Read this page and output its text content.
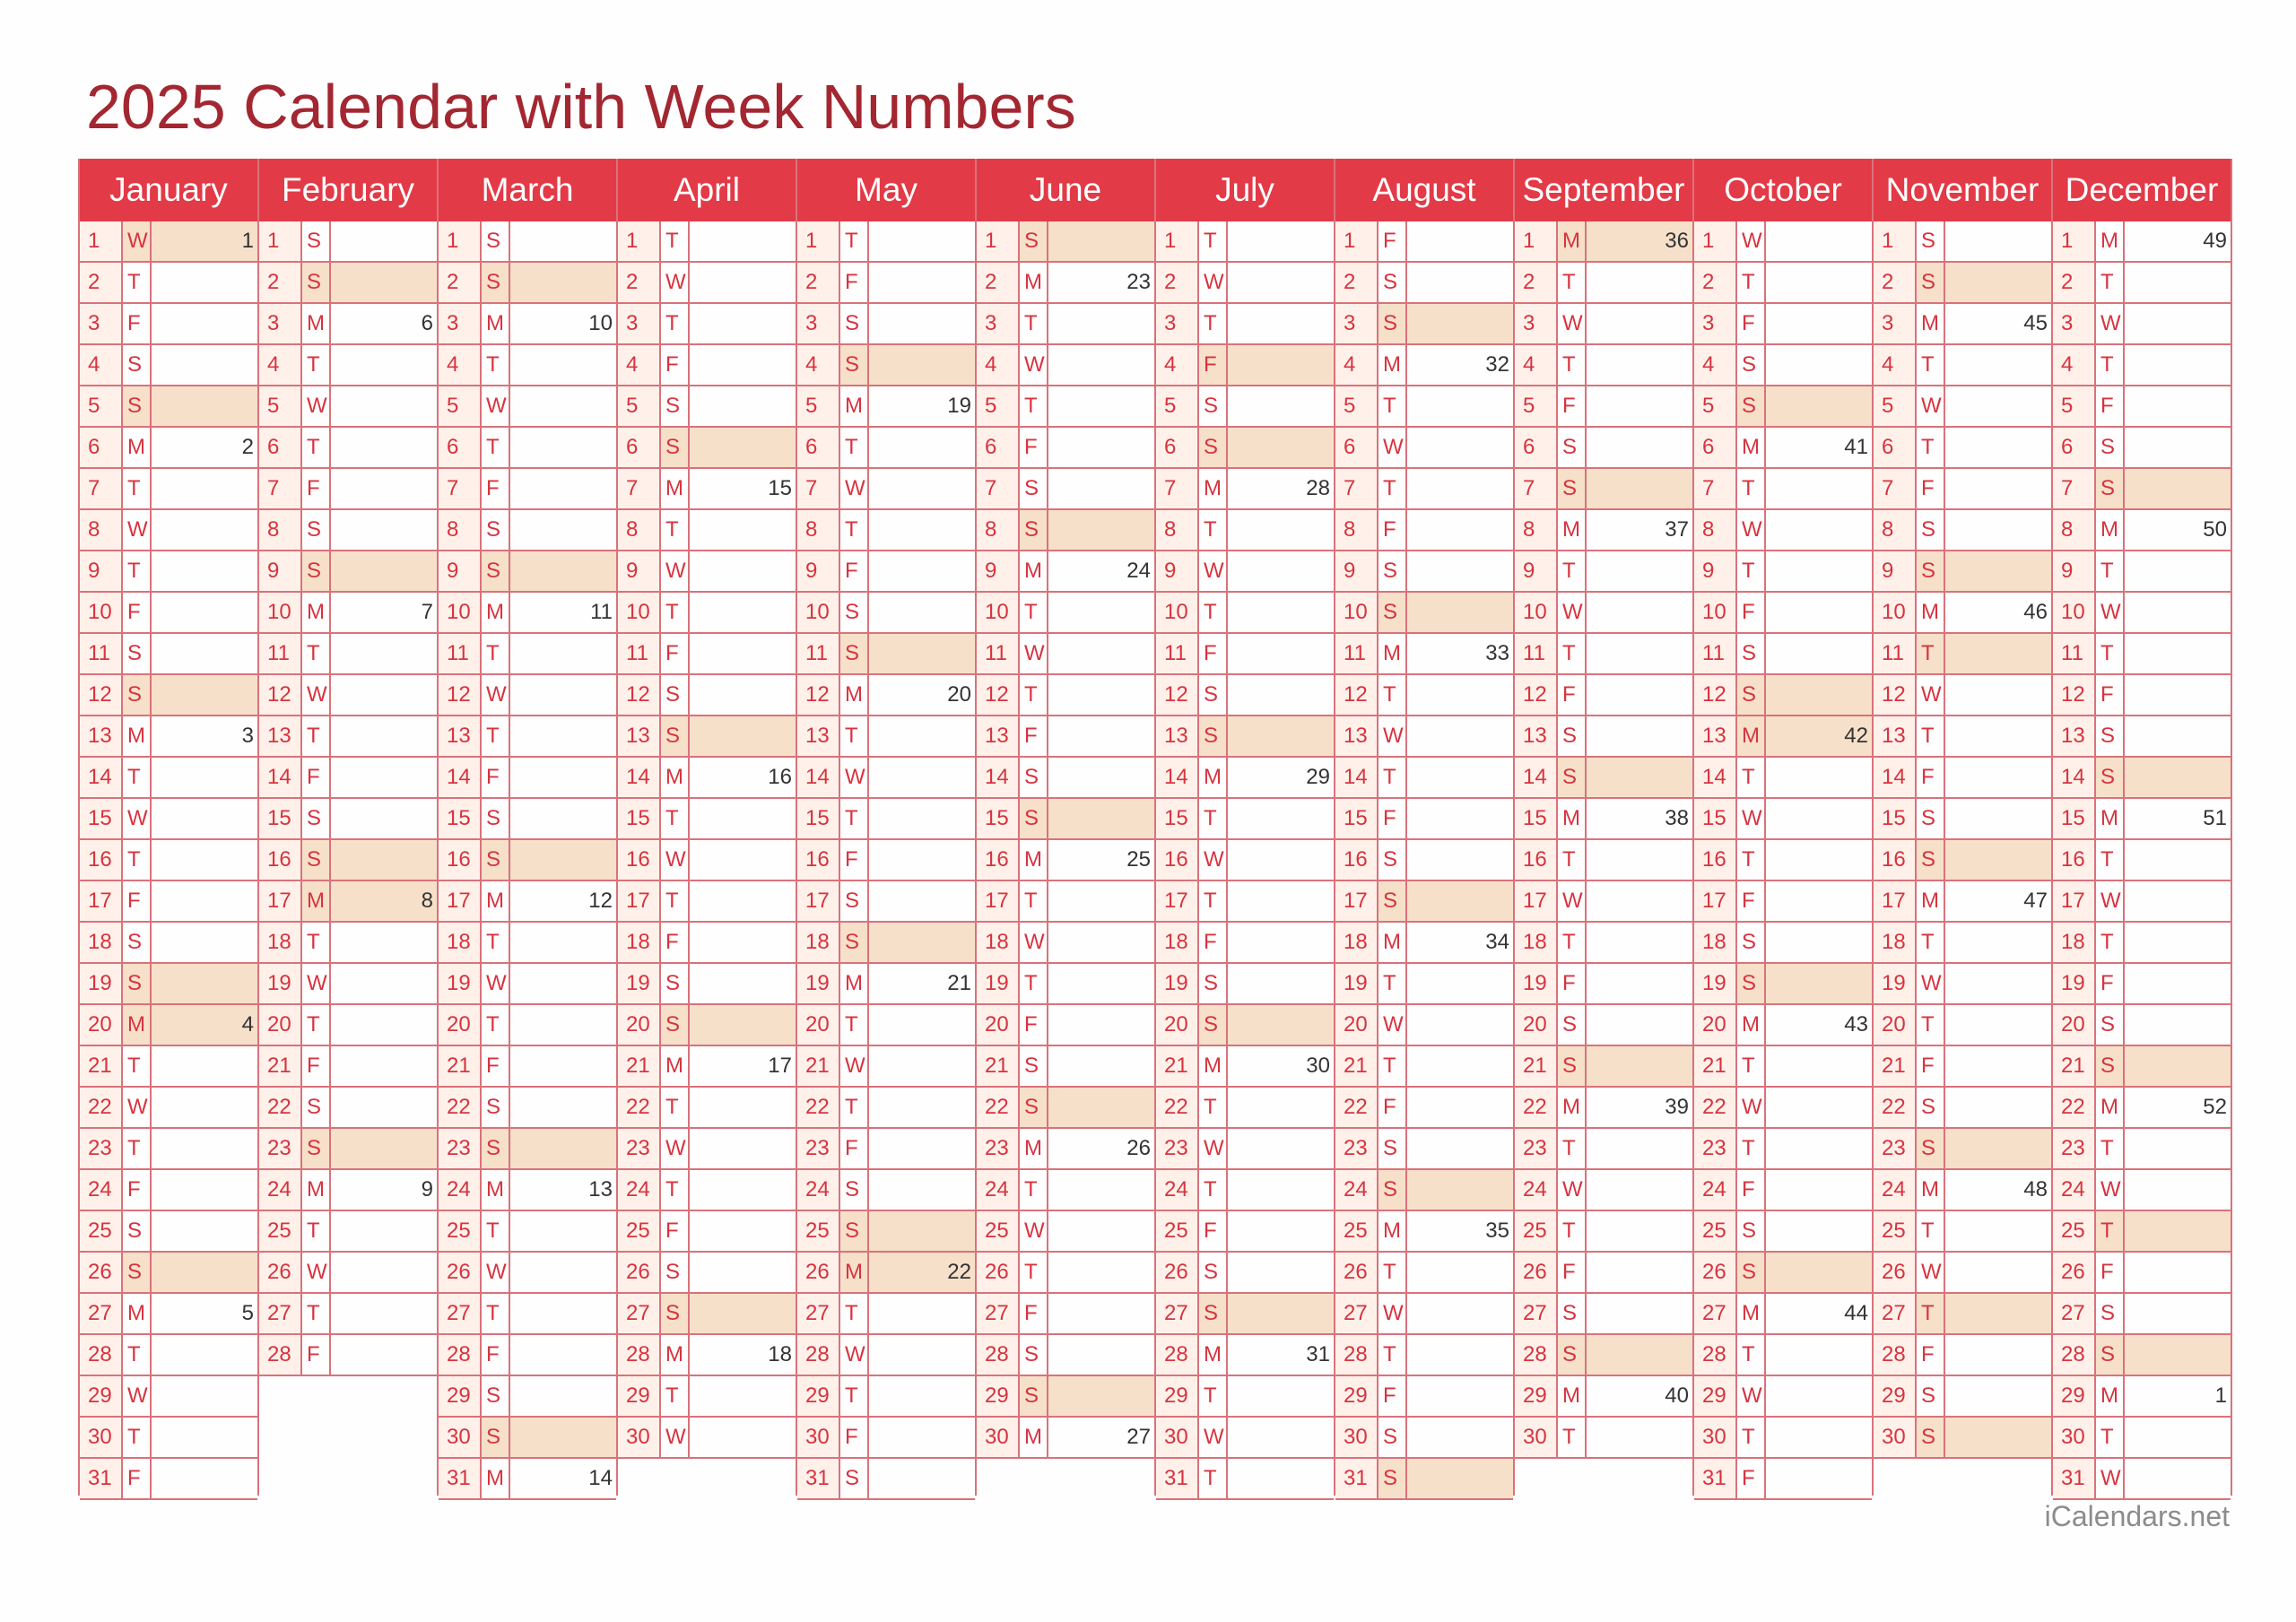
2025 Calendar with Week Numbers
January
1	W	1
2	T
3	F
4	S
5	S
6	M	2
7	T
8	W
9	T
10 F
11 S
12 S
13 M	3
14 T
15 W
16 T
17 F
18 S
19 S
20 M	4
21 T
22 W
23 T
24 F
25 S
26 S
27 M	5
28 T
29 W
30 T
31 F
February
1	S
2	S
3	M	6
4	T
5	W
6	T
7	F
8	S
9	S
10 M	7
11 T
12 W
13 T
14 F
15 S
16 S
17 M	8
18 T
19 W
20 T
21 F
22 S
23 S
24 M	9
25 T
26 W
27 T
28 F
March
1	S
2	S
3	M	10
4	T
5	W
6	T
7	F
8	S
9	S
10 M	11
11 T
12 W
13 T
14 F
15 S
16 S
17 M	12
18 T
19 W
20 T
21 F
22 S
23 S
24 M	13
25 T
26 W
27 T
28 F
29 S
30 S
31 M	14
April
1	T
2	W
3	T
4	F
5	S
6	S
7	M	15
8	T
9	W
10 T
11 F
12 S
13 S
14 M	16
15 T
16 W
17 T
18 F
19 S
20 S
21 M	17
22 T
23 W
24 T
25 F
26 S
27 S
28 M	18
29 T
30 W
May
1	T
2	F
3	S
4	S
5	M	19
6	T
7	W
8	T
9	F
10 S
11 S
12 M	20
13 T
14 W
15 T
16 F
17 S
18 S
19 M	21
20 T
21 W
22 T
23 F
24 S
25 S
26 M	22
27 T
28 W
29 T
30 F
31 S
June
1	S
2	M	23
3	T
4	W
5	T
6	F
7	S
8	S
9	M	24
10 T
11 W
12 T
13 F
14 S
15 S
16 M	25
17 T
18 W
19 T
20 F
21 S
22 S
23 M	26
24 T
25 W
26 T
27 F
28 S
29 S
30 M	27
July
1	T
2	W
3	T
4	F
5	S
6	S
7	M	28
8	T
9	W
10 T
11 F
12 S
13 S
14 M	29
15 T
16 W
17 T
18 F
19 S
20 S
21 M	30
22 T
23 W
24 T
25 F
26 S
27 S
28 M	31
29 T
30 W
31 T
August
1	F
2	S
3	S
4	M	32
5	T
6	W
7	T
8	F
9	S
10 S
11 M	33
12 T
13 W
14 T
15 F
16 S
17 S
18 M	34
19 T
20 W
21 T
22 F
23 S
24 S
25 M	35
26 T
27 W
28 T
29 F
30 S
31 S
September
1	M	36
2	T
3	W
4	T
5	F
6	S
7	S
8	M	37
9	T
10 W
11 T
12 F
13 S
14 S
15 M	38
16 T
17 W
18 T
19 F
20 S
21 S
22 M	39
23 T
24 W
25 T
26 F
27 S
28 S
29 M	40
30 T
October
1	W
2	T
3	F
4	S
5	S
6	M	41
7	T
8	W
9	T
10 F
11 S
12 S
13 M	42
14 T
15 W
16 T
17 F
18 S
19 S
20 M	43
21 T
22 W
23 T
24 F
25 S
26 S
27 M	44
28 T
29 W
30 T
31 F
November
1	S
2	S
3	M	45
4	T
5	W
6	T
7	F
8	S
9	S
10 M	46
11 T
12 W
13 T
14 F
15 S
16 S
17 M	47
18 T
19 W
20 T
21 F
22 S
23 S
24 M	48
25 T
26 W
27 T
28 F
29 S
30 S
December
1	M	49
2	T
3	W
4	T
5	F
6	S
7	S
8	M	50
9	T
10 W
11 T
12 F
13 S
14 S
15 M	51
16 T
17 W
18 T
19 F
20 S
21 S
22 M	52
23 T
24 W
25 T
26 F
27 S
28 S
29 M	1
30 T
31 W

iCalendars.net
